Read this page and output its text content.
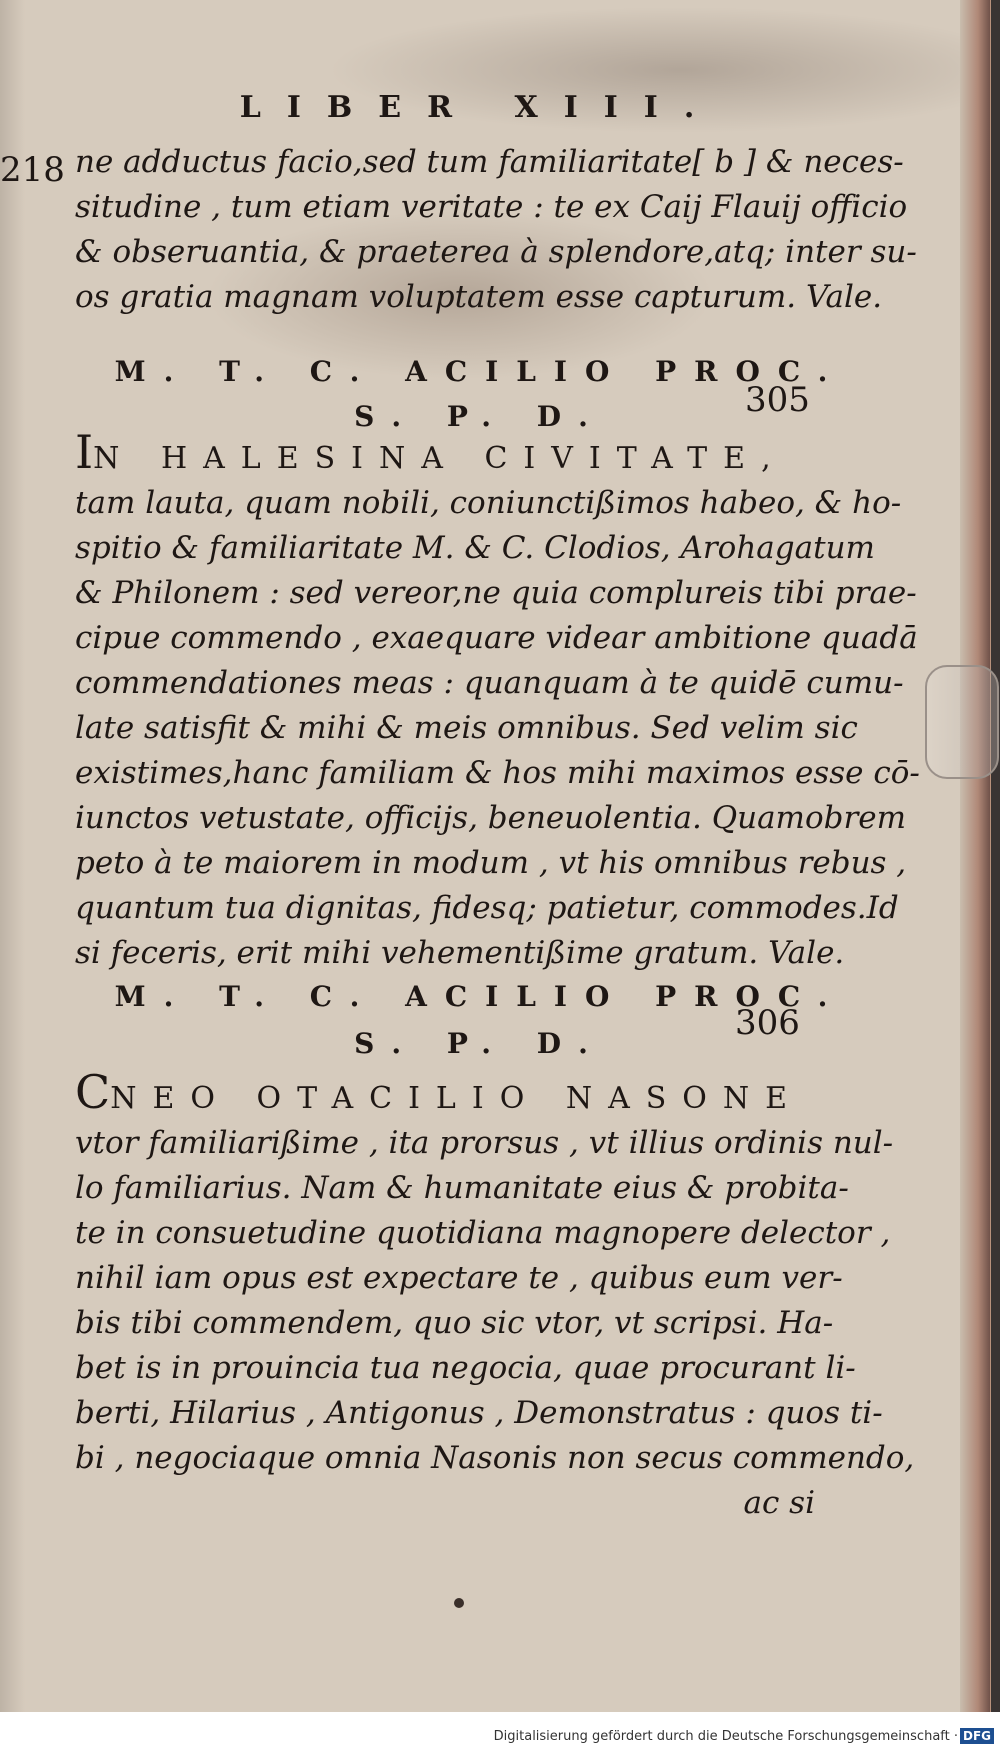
LIBER XIII.
218 ne adductus facio,sed tum familiaritate[ b ] & neces-

situdine , tum etiam veritate : te ex Caij Flauij officio

& obseruantia, & praeterea à splendore,atq; inter su-

os gratia magnam voluptatem esse capturum. Vale.

M. T. C. ACILIO PROC.
S. P. D.	305

IN HALESINA CIVITATE,

tam lauta, quam nobili, coniunctißimos habeo, & ho-

spitio & familiaritate M. & C. Clodios, Arohagatum

& Philonem : sed vereor,ne quia complureis tibi prae-

cipue commendo , exaequare videar ambitione quadā

commendationes meas : quanquam à te quidē cumu-

late satisfit & mihi & meis omnibus. Sed velim sic

existimes,hanc familiam & hos mihi maximos esse cō-

iunctos vetustate, officijs, beneuolentia. Quamobrem

peto à te maiorem in modum , vt his omnibus rebus ,

quantum tua dignitas, fidesq; patietur, commodes.Id

si feceris, erit mihi vehementißime gratum. Vale.

M. T. C. ACILIO PROC.
S. P. D.
306

CNEO OTACILIO NASONE

vtor familiarißime , ita prorsus , vt illius ordinis nul-

lo familiarius. Nam & humanitate eius & probita-

te in consuetudine quotidiana magnopere delector ,

nihil iam opus est expectare te , quibus eum ver-

bis tibi commendem, quo sic vtor, vt scripsi. Ha-

bet is in prouincia tua negocia, quae procurant li-

berti, Hilarius , Antigonus , Demonstratus : quos ti-

bi , negociaque omnia Nasonis non secus commendo,

ac si

Digitalisierung gefördert durch die Deutsche Forschungsgemeinschaft · DFG
